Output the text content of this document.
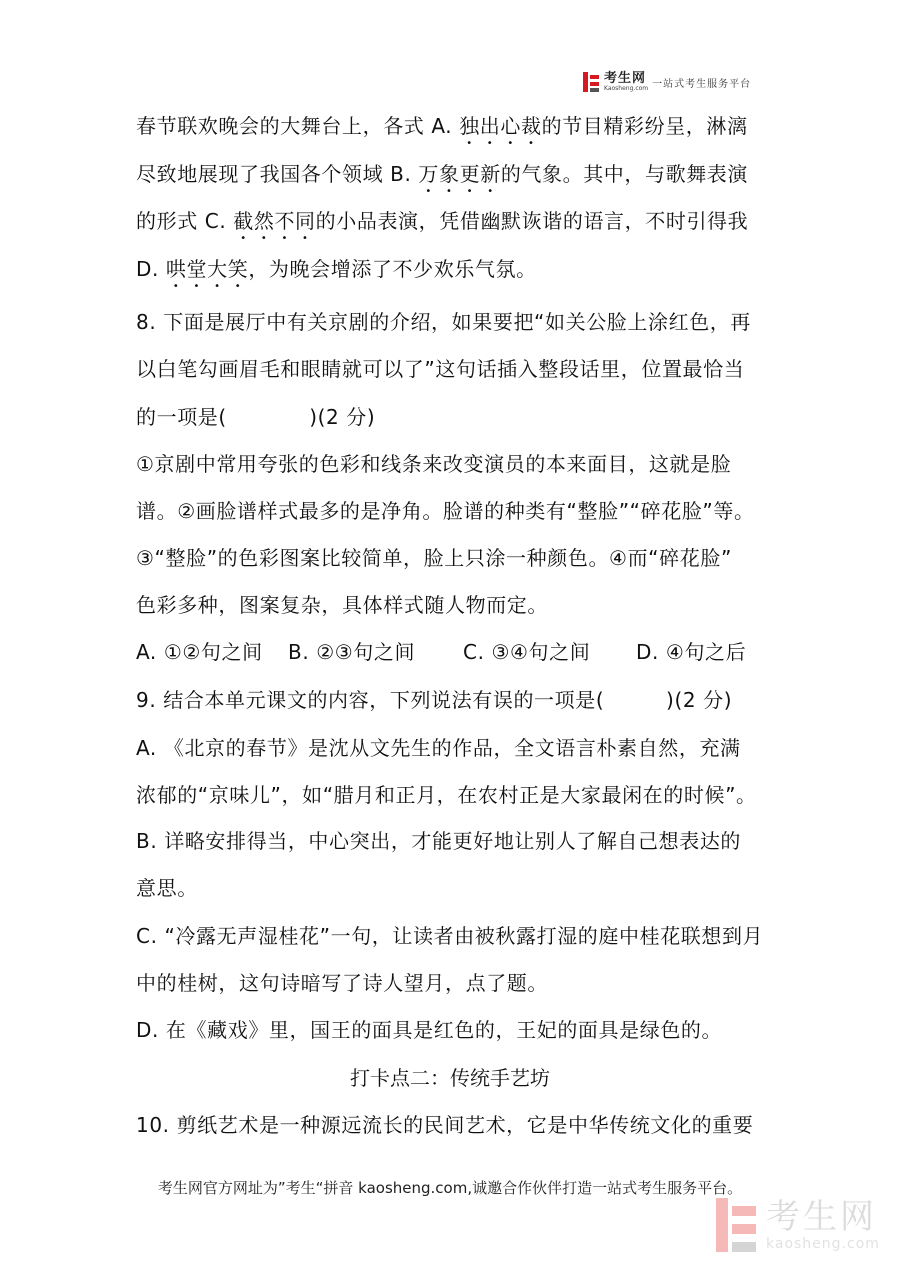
考生网
Kaosheng.com 一站式考生服务平台
春节联欢晚会的大舞台上，各式 A. 独出心裁的节目精彩纷呈，淋漓
尽致地展现了我国各个领域 B. 万象更新的气象。其中，与歌舞表演
的形式 C. 截然不同的小品表演，凭借幽默诙谐的语言，不时引得我
D. 哄堂大笑，为晚会增添了不少欢乐气氛。
8. 下面是展厅中有关京剧的介绍，如果要把“如关公脸上涂红色，再
以白笔勾画眉毛和眼睛就可以了”这句话插入整段话里，位置最恰当
的一项是(　　　　)(2 分)
①京剧中常用夸张的色彩和线条来改变演员的本来面目，这就是脸
谱。②画脸谱样式最多的是净角。脸谱的种类有“整脸”“碎花脸”等。
③“整脸”的色彩图案比较简单，脸上只涂一种颜色。④而“碎花脸”
色彩多种，图案复杂，具体样式随人物而定。
A. ①②句之间 B. ②③句之间 C. ③④句之间 D. ④句之后
9. 结合本单元课文的内容，下列说法有误的一项是(　　　)(2 分)
A. 《北京的春节》是沈从文先生的作品，全文语言朴素自然，充满
浓郁的“京味儿”，如“腊月和正月，在农村正是大家最闲在的时候”。
B. 详略安排得当，中心突出，才能更好地让别人了解自己想表达的
意思。
C. “冷露无声湿桂花”一句，让读者由被秋露打湿的庭中桂花联想到月
中的桂树，这句诗暗写了诗人望月，点了题。
D. 在《藏戏》里，国王的面具是红色的，王妃的面具是绿色的。
打卡点二：传统手艺坊
10. 剪纸艺术是一种源远流长的民间艺术，它是中华传统文化的重要
考生网官方网址为”考生“拼音 kaosheng.com,诚邀合作伙伴打造一站式考生服务平台。
考生网
kaosheng.com
